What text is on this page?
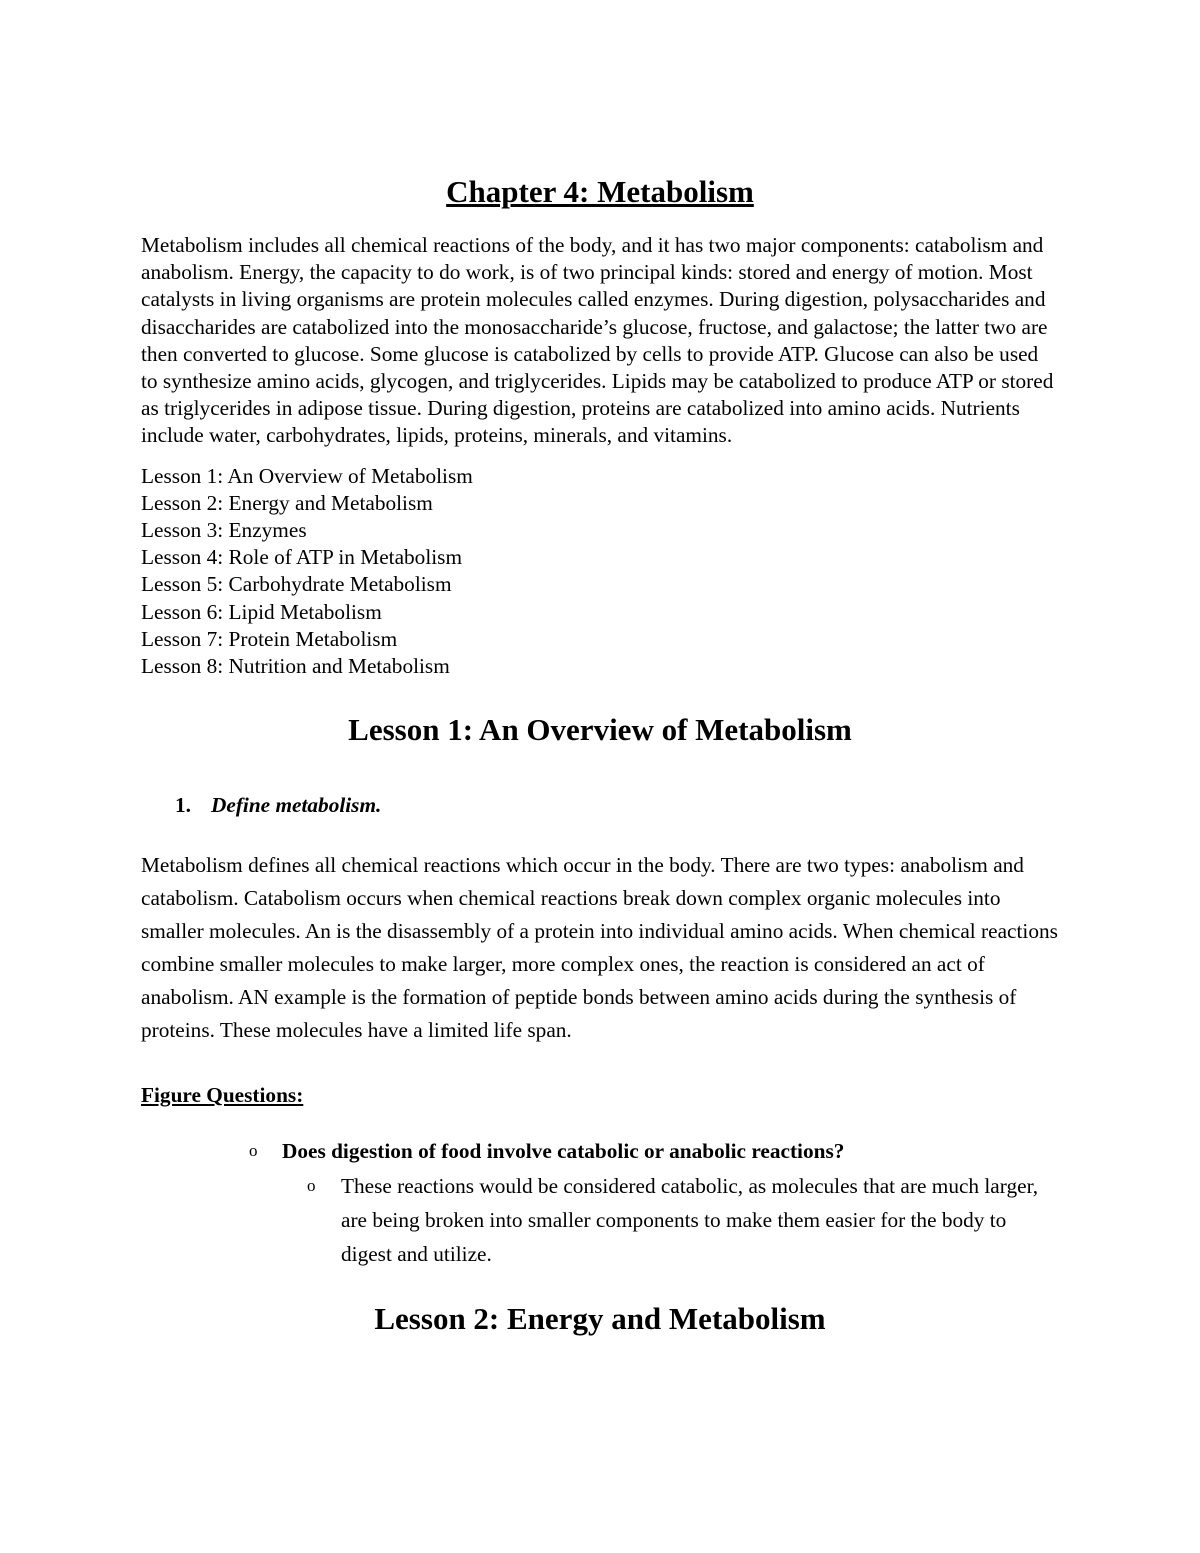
Chapter 4: Metabolism

Metabolism includes all chemical reactions of the body, and it has two major components: catabolism and anabolism. Energy, the capacity to do work, is of two principal kinds: stored and energy of motion. Most catalysts in living organisms are protein molecules called enzymes. During digestion, polysaccharides and disaccharides are catabolized into the monosaccharide’s glucose, fructose, and galactose; the latter two are then converted to glucose. Some glucose is catabolized by cells to provide ATP. Glucose can also be used to synthesize amino acids, glycogen, and triglycerides. Lipids may be catabolized to produce ATP or stored as triglycerides in adipose tissue. During digestion, proteins are catabolized into amino acids. Nutrients include water, carbohydrates, lipids, proteins, minerals, and vitamins.

Lesson 1: An Overview of Metabolism
Lesson 2: Energy and Metabolism
Lesson 3: Enzymes
Lesson 4: Role of ATP in Metabolism
Lesson 5: Carbohydrate Metabolism
Lesson 6: Lipid Metabolism
Lesson 7: Protein Metabolism
Lesson 8: Nutrition and Metabolism
Lesson 1: An Overview of Metabolism
1. Define metabolism.

Metabolism defines all chemical reactions which occur in the body. There are two types: anabolism and catabolism. Catabolism occurs when chemical reactions break down complex organic molecules into smaller molecules. An is the disassembly of a protein into individual amino acids. When chemical reactions combine smaller molecules to make larger, more complex ones, the reaction is considered an act of anabolism. AN example is the formation of peptide bonds between amino acids during the synthesis of proteins. These molecules have a limited life span.

Figure Questions:
o	Does digestion of food involve catabolic or anabolic reactions?
o	These reactions would be considered catabolic, as molecules that are much larger, are being broken into smaller components to make them easier for the body to digest and utilize.
Lesson 2: Energy and Metabolism
